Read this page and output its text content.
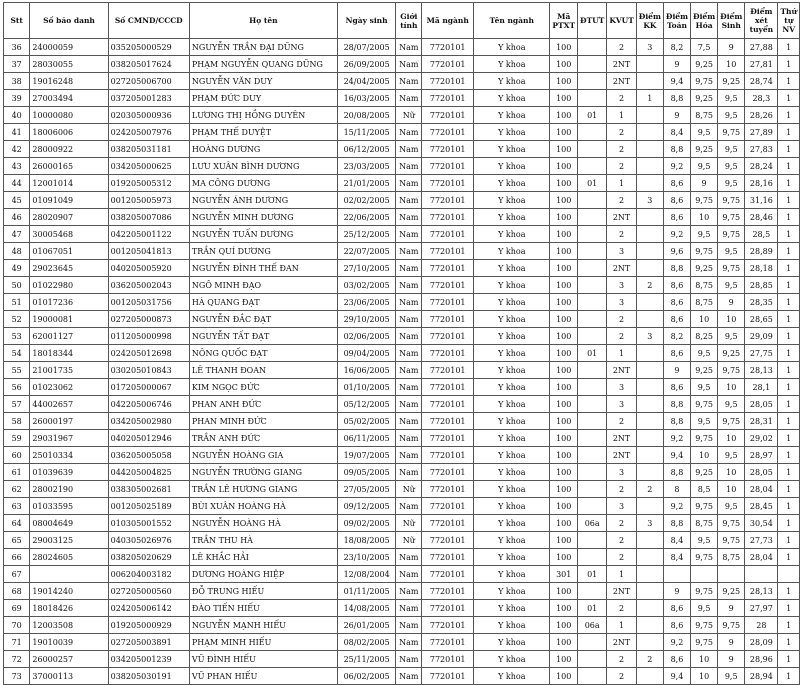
Stt	Số báo danh	Số CMND/CCCD	Họ tên	Ngày sinh	Giới tính	Mã ngành	Tên ngành	Mã PTXT	ĐTƯT	KVUT	Điểm KK	Điểm Toán	Điểm Hóa	Điểm Sinh	Điểm xét tuyển	Thứ tự NV
36	24000059	035205000529	NGUYỄN TRẦN ĐẠI DŨNG	28/07/2005	Nam	7720101	Y khoa	100		2	3	8,2	7,5	9	27,88	1
37	28030055	038205017624	PHẠM NGUYỄN QUANG DŨNG	26/09/2005	Nam	7720101	Y khoa	100		2NT		9	9,25	10	27,81	1
38	19016248	027205006700	NGUYỄN VĂN DUY	24/04/2005	Nam	7720101	Y khoa	100		2NT		9,4	9,75	9,25	28,74	1
39	27003494	037205001283	PHẠM ĐỨC DUY	16/03/2005	Nam	7720101	Y khoa	100		2	1	8,8	9,25	9,5	28,3	1
40	10000080	020305000936	LƯƠNG THỊ HỒNG DUYÊN	20/08/2005	Nữ	7720101	Y khoa	100	01	1		9	8,75	9,5	28,26	1
41	18006006	024205007976	PHẠM THẾ DUYỆT	15/11/2005	Nam	7720101	Y khoa	100		2		8,4	9,5	9,75	27,89	1
42	28000922	038205031181	HOÀNG DƯƠNG	06/12/2005	Nam	7720101	Y khoa	100		2		8,8	9,25	9,5	27,83	1
43	26000165	034205000625	LƯU XUÂN BÌNH DƯƠNG	23/03/2005	Nam	7720101	Y khoa	100		2		9,2	9,5	9,5	28,24	1
44	12001014	019205005312	MA CÔNG DƯƠNG	21/01/2005	Nam	7720101	Y khoa	100	01	1		8,6	9	9,5	28,16	1
45	01091049	001205005973	NGUYỄN ÁNH DƯƠNG	02/02/2005	Nam	7720101	Y khoa	100		2	3	8,6	9,75	9,75	31,16	1
46	28020907	038205007086	NGUYỄN MINH DƯƠNG	22/06/2005	Nam	7720101	Y khoa	100		2NT		8,6	10	9,75	28,46	1
47	30005468	042205001122	NGUYỄN TUẤN DƯƠNG	25/12/2005	Nam	7720101	Y khoa	100		2		9,2	9,5	9,75	28,5	1
48	01067051	001205041813	TRẦN QUÍ DƯƠNG	22/07/2005	Nam	7720101	Y khoa	100		3		9,6	9,75	9,5	28,89	1
49	29023645	040205005920	NGUYỄN ĐÌNH THẾ ĐAN	27/10/2005	Nam	7720101	Y khoa	100		2NT		8,8	9,25	9,75	28,18	1
50	01022980	036205002043	NGÔ MINH ĐẠO	03/02/2005	Nam	7720101	Y khoa	100		3	2	8,6	8,75	9,5	28,85	1
51	01017236	001205031756	HÀ QUANG ĐẠT	23/06/2005	Nam	7720101	Y khoa	100		3		8,6	8,75	9	28,35	1
52	19000081	027205000873	NGUYỄN ĐẮC ĐẠT	29/10/2005	Nam	7720101	Y khoa	100		2		8,6	10	10	28,65	1
53	62001127	011205000998	NGUYỄN TẤT ĐẠT	02/06/2005	Nam	7720101	Y khoa	100		2	3	8,2	8,25	9,5	29,09	1
54	18018344	024205012698	NÔNG QUỐC ĐẠT	09/04/2005	Nam	7720101	Y khoa	100	01	1		8,6	9,5	9,25	27,75	1
55	21001735	030205010843	LÊ THANH ĐOAN	16/06/2005	Nam	7720101	Y khoa	100		2NT		9	9,25	9,75	28,13	1
56	01023062	017205000067	KIM NGỌC ĐỨC	01/10/2005	Nam	7720101	Y khoa	100		3		8,6	9,5	10	28,1	1
57	44002657	042205006746	PHAN ANH ĐỨC	05/12/2005	Nam	7720101	Y khoa	100		3		8,8	9,75	9,5	28,05	1
58	26000197	034205002980	PHAN MINH ĐỨC	05/02/2005	Nam	7720101	Y khoa	100		2		8,8	9,5	9,75	28,31	1
59	29031967	040205012946	TRẦN ANH ĐỨC	06/11/2005	Nam	7720101	Y khoa	100		2NT		9,2	9,75	10	29,02	1
60	25010334	036205005058	NGUYỄN HOÀNG GIA	19/07/2005	Nam	7720101	Y khoa	100		2NT		9,4	10	9,5	28,97	1
61	01039639	044205004825	NGUYỄN TRƯỜNG GIANG	09/05/2005	Nam	7720101	Y khoa	100		3		8,8	9,25	10	28,05	1
62	28002190	038305002681	TRẦN LÊ HƯƠNG GIANG	27/05/2005	Nữ	7720101	Y khoa	100		2	2	8	8,5	10	28,04	1
63	01033595	001205025189	BÙI XUÂN HOÀNG HÀ	09/12/2005	Nam	7720101	Y khoa	100		3		9,2	9,75	9,5	28,45	1
64	08004649	010305001552	NGUYỄN HOÀNG HÀ	09/02/2005	Nữ	7720101	Y khoa	100	06a	2	3	8,8	8,75	9,75	30,54	1
65	29003125	040305026976	TRẦN THU HÀ	18/08/2005	Nữ	7720101	Y khoa	100		2		8,4	9,5	9,75	27,73	1
66	28024605	038205020629	LÊ KHẮC HẢI	23/10/2005	Nam	7720101	Y khoa	100		2		8,4	9,75	8,75	28,04	1
67		006204003182	DƯƠNG HOÀNG HIỆP	12/08/2004	Nam	7720101	Y khoa	301	01	1						
68	19014240	027205000560	ĐỖ TRUNG HIẾU	01/11/2005	Nam	7720101	Y khoa	100		2NT		9	9,75	9,25	28,13	1
69	18018426	024205006142	ĐÀO TIẾN HIẾU	14/08/2005	Nam	7720101	Y khoa	100	01	2		8,6	9,5	9	27,97	1
70	12003508	019205000929	NGUYỄN MẠNH HIẾU	26/01/2005	Nam	7720101	Y khoa	100	06a	1		8,6	9,75	9,75	28	1
71	19010039	027205003891	PHẠM MINH HIẾU	08/02/2005	Nam	7720101	Y khoa	100		2NT		9,2	9,75	9	28,09	1
72	26000257	034205001239	VŨ ĐÌNH HIẾU	25/11/2005	Nam	7720101	Y khoa	100		2	2	8,6	10	9	28,96	1
73	37000113	038205030191	VŨ PHAN HIẾU	06/02/2005	Nam	7720101	Y khoa	100		2		9,4	10	9,5	28,94	1
